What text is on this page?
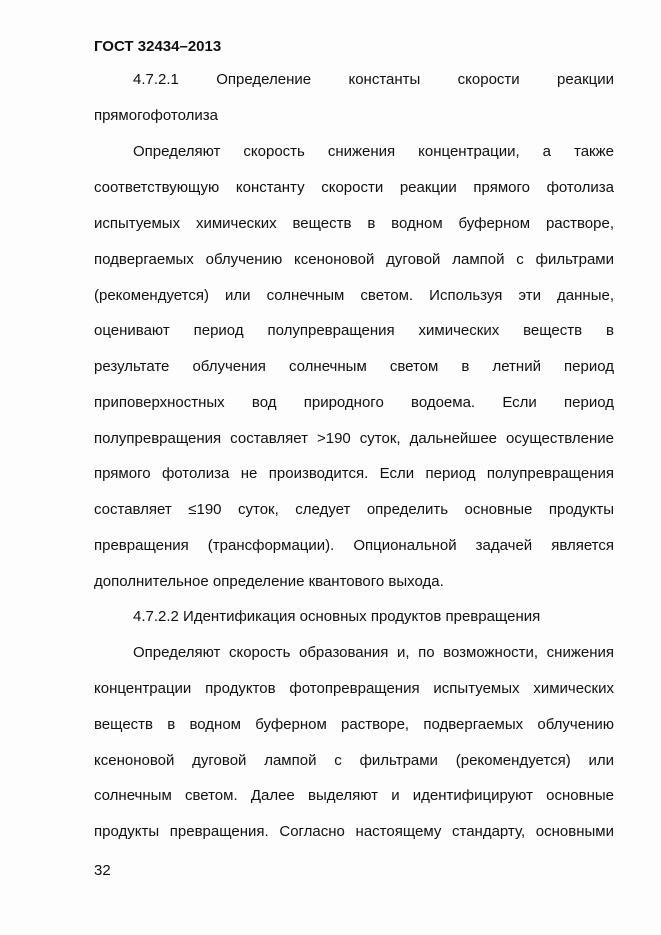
ГОСТ 32434–2013
4.7.2.1 Определение константы скорости реакции
прямогофотолиза
Определяют скорость снижения концентрации, а также
соответствующую константу скорости реакции прямого фотолиза
испытуемых химических веществ в водном буферном растворе,
подвергаемых облучению ксеноновой дуговой лампой с фильтрами
(рекомендуется) или солнечным светом. Используя эти данные,
оценивают период полупревращения химических веществ в
результате облучения солнечным светом в летний период
приповерхностных вод природного водоема. Если период
полупревращения составляет >190 суток, дальнейшее осуществление
прямого фотолиза не производится. Если период полупревращения
составляет ≤190 суток, следует определить основные продукты
превращения (трансформации). Опциональной задачей является
дополнительное определение квантового выхода.
4.7.2.2 Идентификация основных продуктов превращения
Определяют скорость образования и, по возможности, снижения
концентрации продуктов фотопревращения испытуемых химических
веществ в водном буферном растворе, подвергаемых облучению
ксеноновой дуговой лампой с фильтрами (рекомендуется) или
солнечным светом. Далее выделяют и идентифицируют основные
продукты превращения. Согласно настоящему стандарту, основными
32
